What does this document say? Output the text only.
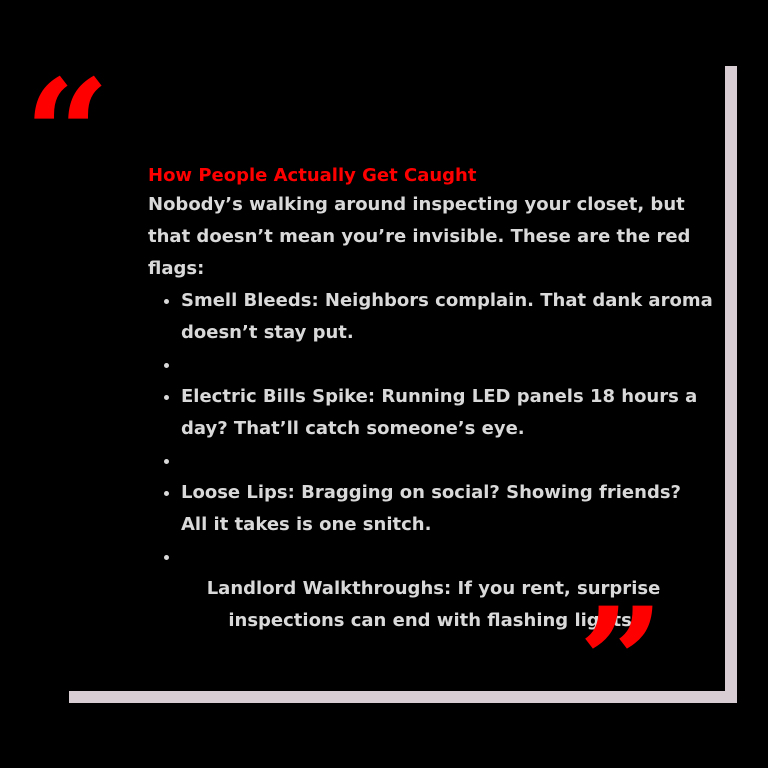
“ How People Actually Get Caught

Nobody’s walking around inspecting your closet, but that doesn’t mean you’re invisible. These are the red flags:

• Smell Bleeds: Neighbors complain. That dank aroma doesn’t stay put.
•
• Electric Bills Spike: Running LED panels 18 hours a day? That’ll catch someone’s eye.
•
• Loose Lips: Bragging on social? Showing friends? All it takes is one snitch.
•

Landlord Walkthroughs: If you rent, surprise inspections can end with flashing lights.

”
